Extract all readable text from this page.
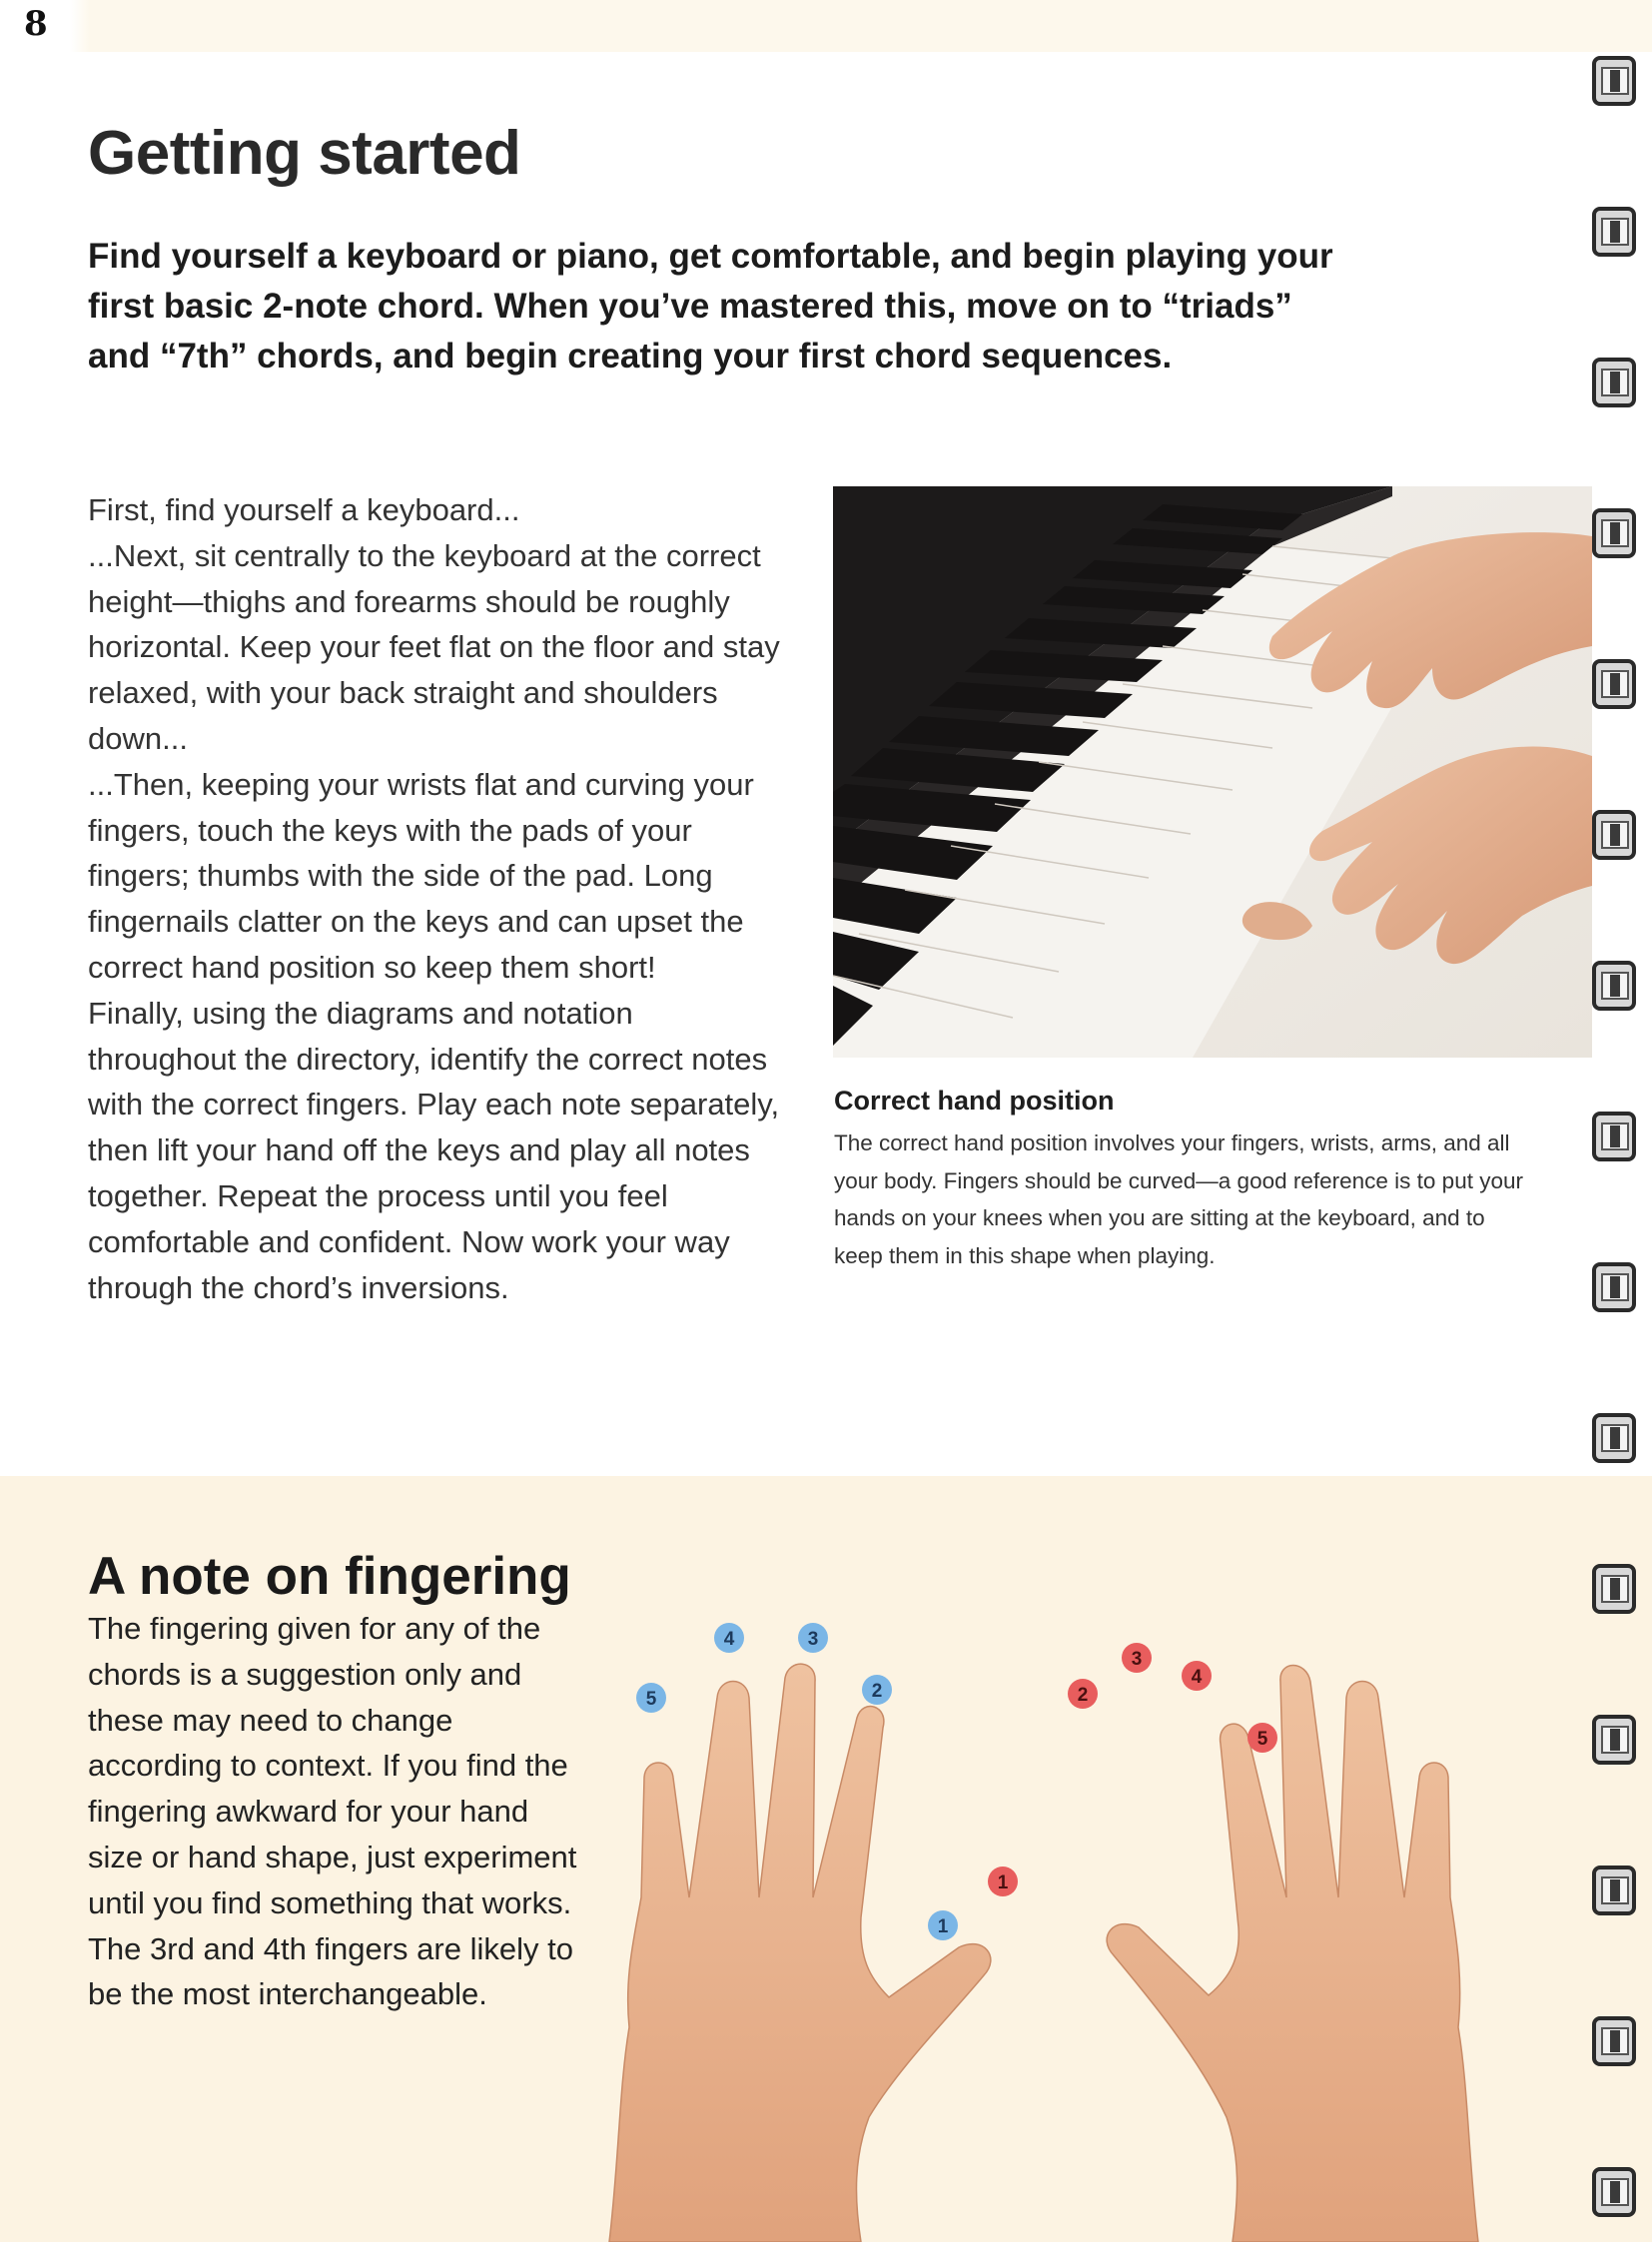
8
Getting started

Find yourself a keyboard or piano, get comfortable, and begin playing your first basic 2-note chord. When you’ve mastered this, move on to “triads” and “7th” chords, and begin creating your first chord sequences.

First, find yourself a keyboard...
...Next, sit centrally to the keyboard at the correct height—thighs and forearms should be roughly horizontal. Keep your feet flat on the floor and stay relaxed, with your back straight and shoulders down...
...Then, keeping your wrists flat and curving your fingers, touch the keys with the pads of your fingers; thumbs with the side of the pad. Long fingernails clatter on the keys and can upset the correct hand position so keep them short!
Finally, using the diagrams and notation throughout the directory, identify the correct notes with the correct fingers. Play each note separately, then lift your hand off the keys and play all notes together. Repeat the process until you feel comfortable and confident. Now work your way through the chord’s inversions.

Correct hand position

The correct hand position involves your fingers, wrists, arms, and all your body. Fingers should be curved—a good reference is to put your hands on your knees when you are sitting at the keyboard, and to keep them in this shape when playing.

A note on fingering

The fingering given for any of the chords is a suggestion only and these may need to change according to context. If you find the fingering awkward for your hand size or hand shape, just experiment until you find something that works. The 3rd and 4th fingers are likely to be the most interchangeable.

5
4	3
2
1
1
2
3
4
5
